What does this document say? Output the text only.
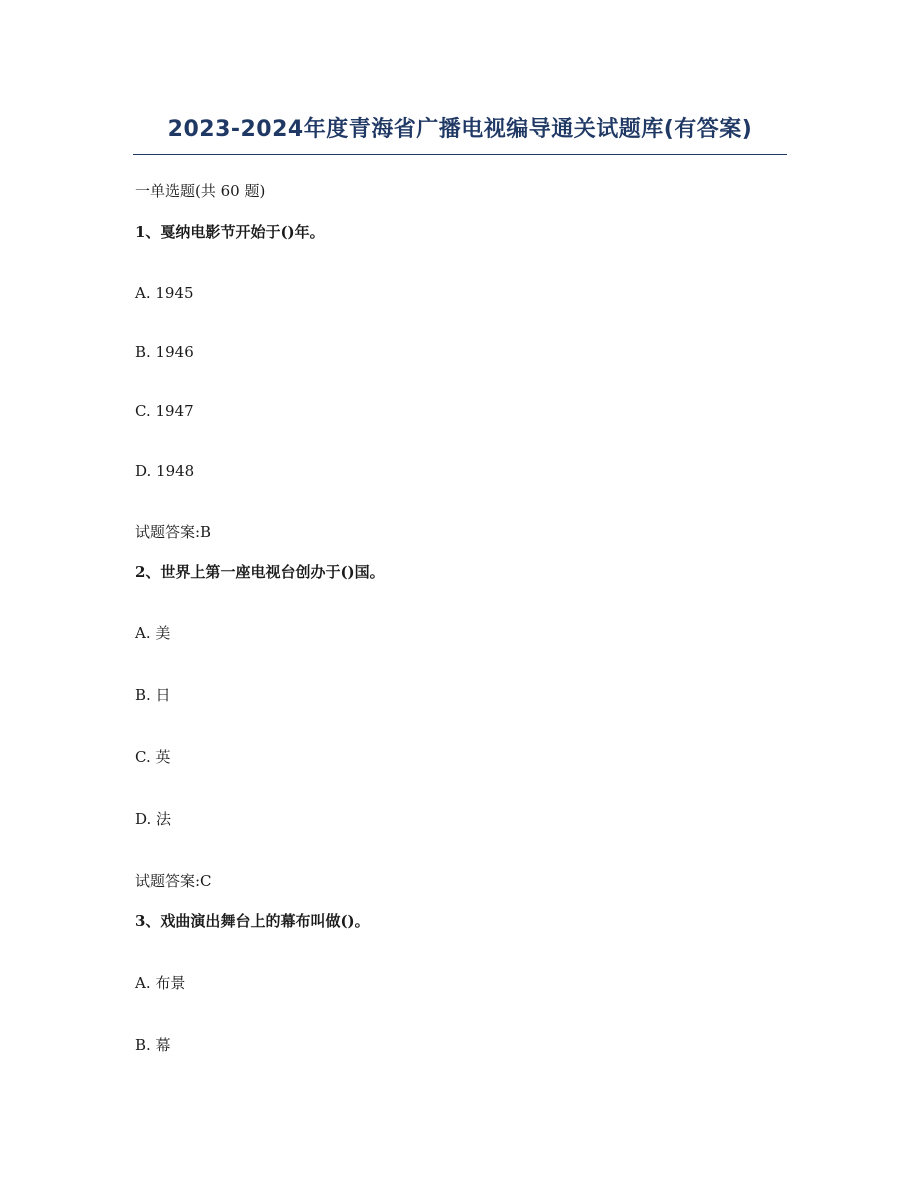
2023-2024年度青海省广播电视编导通关试题库(有答案)
一单选题(共 60 题)
1、戛纳电影节开始于()年。
A. 1945
B. 1946
C. 1947
D. 1948
试题答案:B
2、世界上第一座电视台创办于()国。
A. 美
B. 日
C. 英
D. 法
试题答案:C
3、戏曲演出舞台上的幕布叫做()。
A. 布景
B. 幕
